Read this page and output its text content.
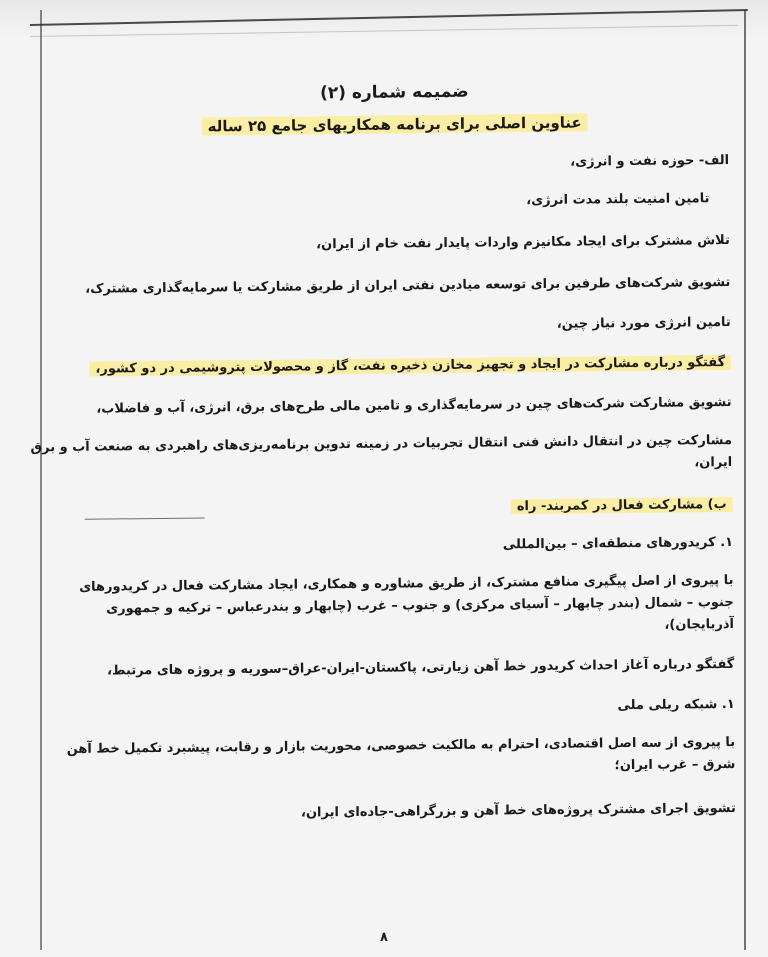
ضمیمه شماره (۲)
عناوین اصلی برای برنامه همکاریهای جامع ۲۵ ساله
الف- حوزه نفت و انرژی،
تامین امنیت بلند مدت انرژی،
تلاش مشترک برای ایجاد مکانیزم واردات پایدار نفت خام از ایران،
تشویق شرکت‌های طرفین برای توسعه میادین نفتی ایران از طریق مشارکت یا سرمایه‌گذاری مشترک،
تامین انرژی مورد نیاز چین،
گفتگو درباره مشارکت در ایجاد و تجهیز مخازن ذخیره نفت، گاز و محصولات پتروشیمی در دو کشور،
تشویق مشارکت شرکت‌های چین در سرمایه‌گذاری و تامین مالی طرح‌های برق، انرژی، آب و فاضلاب،
مشارکت چین در انتقال دانش فنی انتقال تجربیات در زمینه تدوین برنامه‌ریزی‌های راهبردی به صنعت آب و برق
ایران،
ب) مشارکت فعال در کمربند- راه
۱. کریدورهای منطقه‌ای – بین‌المللی
با پیروی از اصل پیگیری منافع مشترک، از طریق مشاوره و همکاری، ایجاد مشارکت فعال در کریدورهای
جنوب – شمال (بندر چابهار – آسیای مرکزی) و جنوب – غرب (چابهار و بندرعباس – ترکیه و جمهوری
آذربایجان)،
گفتگو درباره آغاز احداث کریدور خط آهن زیارتی، پاکستان-ایران-عراق–سوریه و پروژه های مرتبط،
۱. شبکه ریلی ملی
با پیروی از سه اصل اقتصادی، احترام به مالکیت خصوصی، محوریت بازار و رقابت، پیشبرد تکمیل خط آهن
شرق – غرب ایران؛
تشویق اجرای مشترک پروژه‌های خط آهن و بزرگراهی-جاده‌ای ایران،
۸
